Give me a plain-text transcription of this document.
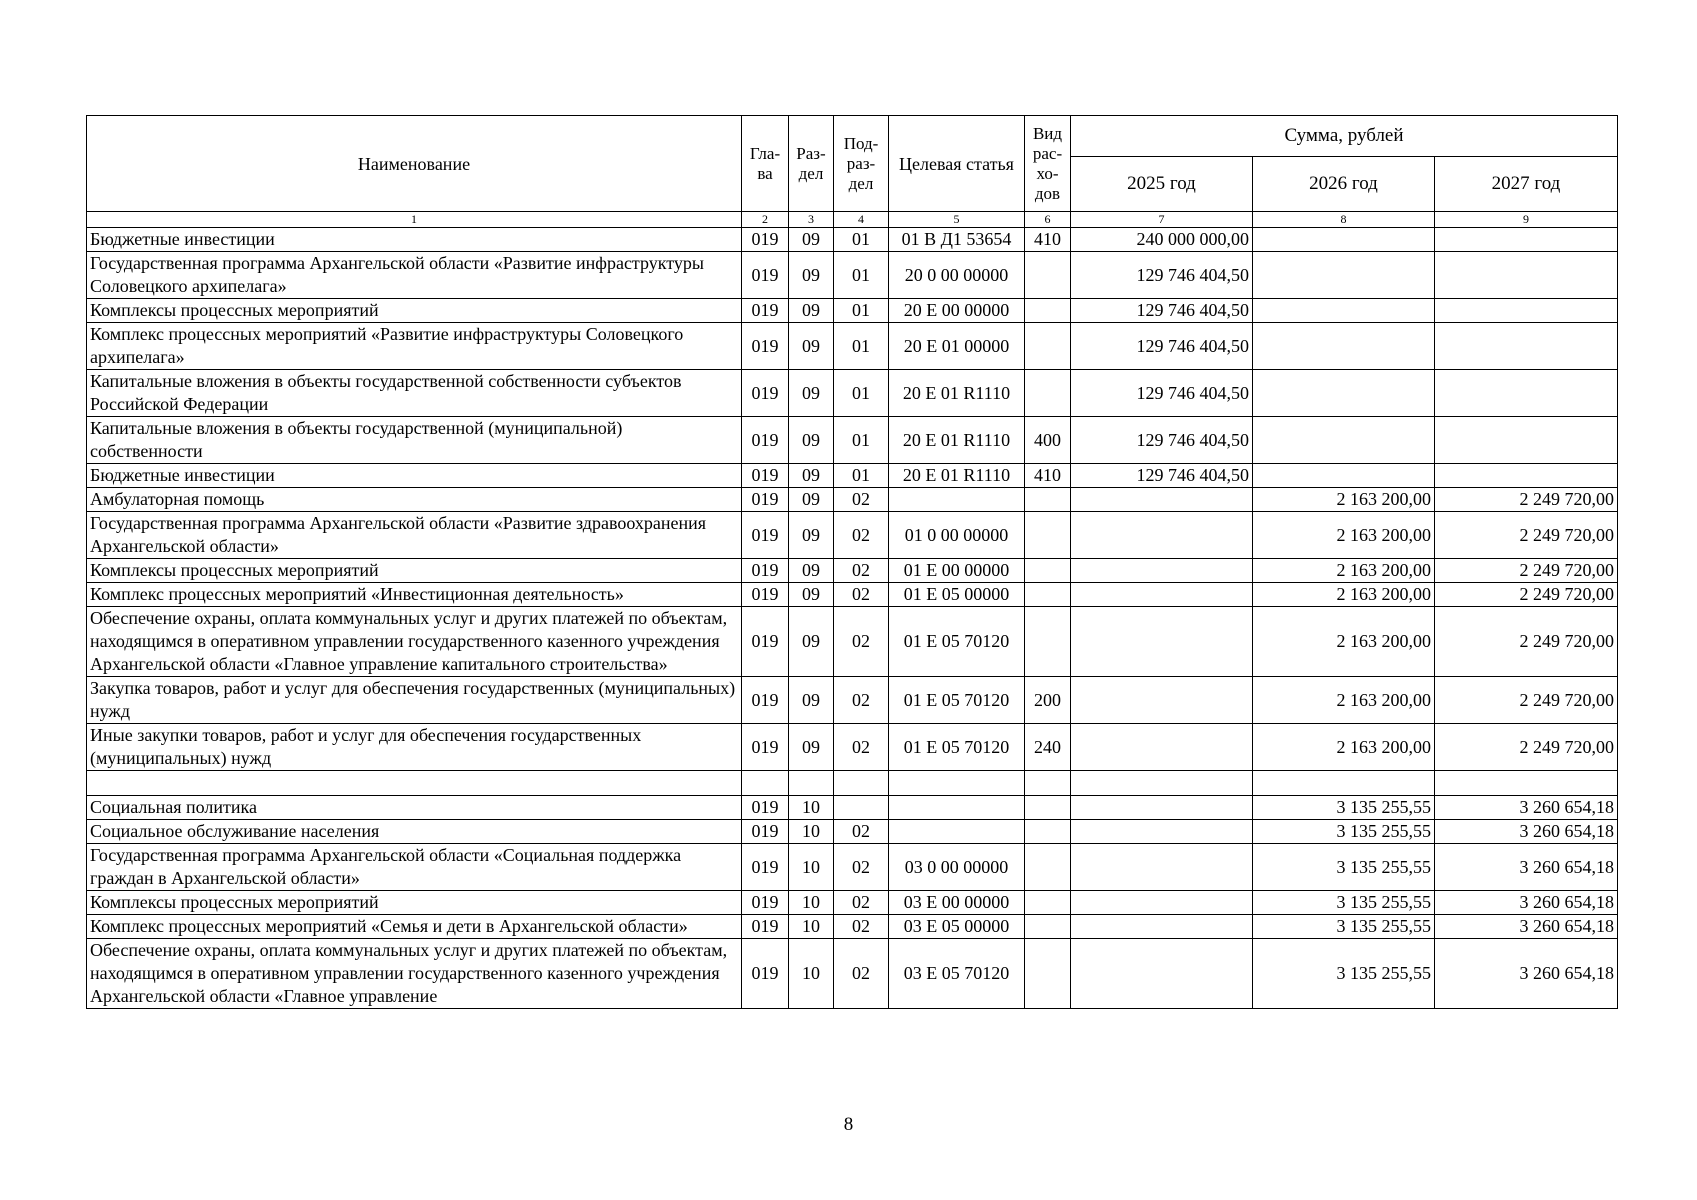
Наименование	Гла- ва	Раз- дел	Под- раз- дел	Целевая статья	Вид рас- хо- дов	Сумма, рублей		
						2025 год	2026 год	2027 год
1	2	3	4	5	6	7	8	9
Бюджетные инвестиции	019	09	01	01 В Д1 53654	410	240 000 000,00		
Государственная программа Архангельской области «Развитие инфраструктуры Соловецкого архипелага»	019	09	01	20 0 00 00000		129 746 404,50		
Комплексы процессных мероприятий	019	09	01	20 Е 00 00000		129 746 404,50		
Комплекс процессных мероприятий «Развитие инфраструктуры Соловецкого архипелага»	019	09	01	20 Е 01 00000		129 746 404,50		
Капитальные вложения в объекты государственной собственности субъектов Российской Федерации	019	09	01	20 Е 01 R1110		129 746 404,50		
Капитальные вложения в объекты государственной (муниципальной) собственности	019	09	01	20 Е 01 R1110	400	129 746 404,50		
Бюджетные инвестиции	019	09	01	20 Е 01 R1110	410	129 746 404,50		
Амбулаторная помощь	019	09	02				2 163 200,00	2 249 720,00
Государственная программа Архангельской области «Развитие здравоохранения Архангельской области»	019	09	02	01 0 00 00000			2 163 200,00	2 249 720,00
Комплексы процессных мероприятий	019	09	02	01 Е 00 00000			2 163 200,00	2 249 720,00
Комплекс процессных мероприятий «Инвестиционная деятельность»	019	09	02	01 Е 05 00000			2 163 200,00	2 249 720,00
Обеспечение охраны, оплата коммунальных услуг и других платежей по объектам, находящимся в оперативном управлении государственного казенного учреждения Архангельской области «Главное управление капитального строительства»	019	09	02	01 Е 05 70120			2 163 200,00	2 249 720,00
Закупка товаров, работ и услуг для обеспечения государственных (муниципальных) нужд	019	09	02	01 Е 05 70120	200		2 163 200,00	2 249 720,00
Иные закупки товаров, работ и услуг для обеспечения государственных (муниципальных) нужд	019	09	02	01 Е 05 70120	240		2 163 200,00	2 249 720,00

Социальная политика	019	10					3 135 255,55	3 260 654,18
Социальное обслуживание населения	019	10	02				3 135 255,55	3 260 654,18
Государственная программа Архангельской области «Социальная поддержка граждан в Архангельской области»	019	10	02	03 0 00 00000			3 135 255,55	3 260 654,18
Комплексы процессных мероприятий	019	10	02	03 Е 00 00000			3 135 255,55	3 260 654,18
Комплекс процессных мероприятий «Семья и дети в Архангельской области»	019	10	02	03 Е 05 00000			3 135 255,55	3 260 654,18
Обеспечение охраны, оплата коммунальных услуг и других платежей по объектам, находящимся в оперативном управлении государственного казенного учреждения Архангельской области «Главное управление	019	10	02	03 Е 05 70120			3 135 255,55	3 260 654,18
8
